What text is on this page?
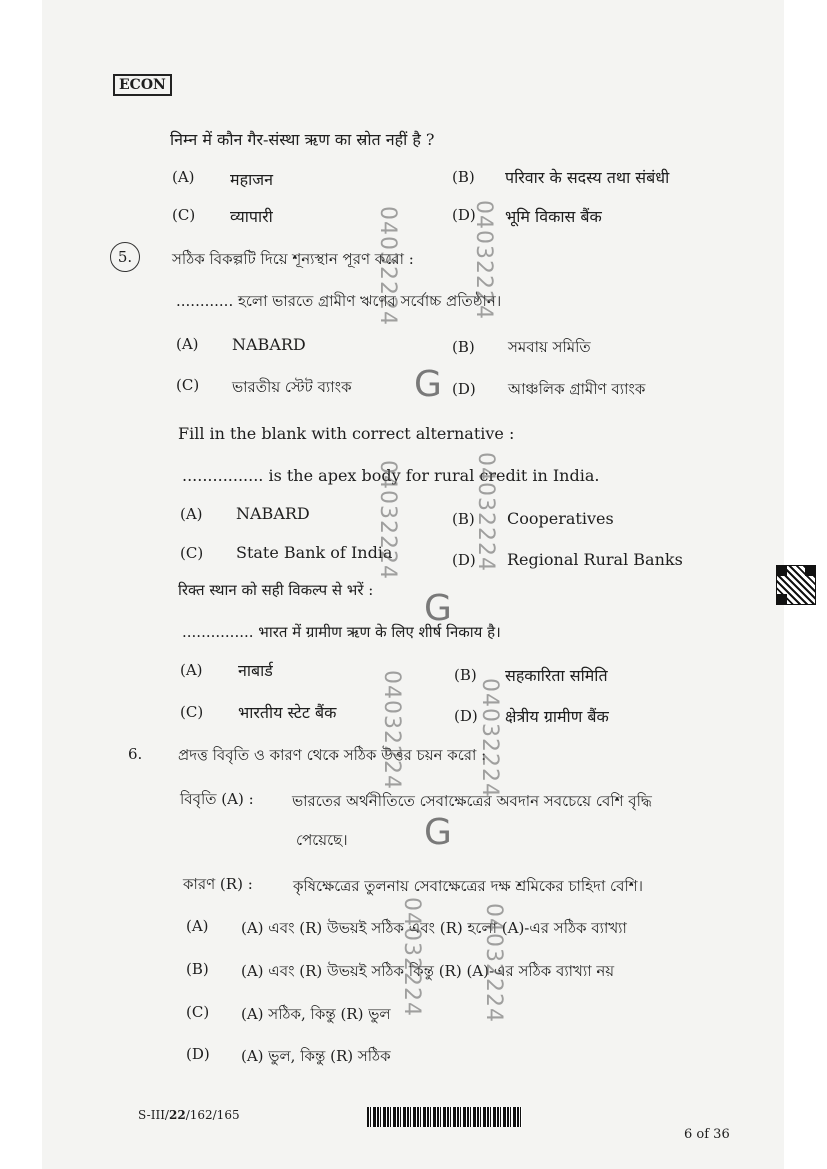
ECON
निम्न में कौन गैर-संस्था ऋण का स्रोत नहीं है ?
(A) महाजन	(B) परिवार के सदस्य तथा संबंधी
(C) व्यापारी	(D) भूमि विकास बैंक
5.	সঠিক বিকল্পটি দিয়ে শূন্যস্থান পূরণ করো :
............ হলো ভারতে গ্রামীণ ঋণের সর্বোচ্চ প্রতিষ্ঠান।
(A) NABARD	(B) সমবায় সমিতি
(C) ভারতীয় স্টেট ব্যাংক	(D) আঞ্চলিক গ্রামীণ ব্যাংক
Fill in the blank with correct alternative :
................ is the apex body for rural credit in India.
(A) NABARD	(B) Cooperatives
(C) State Bank of India	(D) Regional Rural Banks
रिक्त स्थान को सही विकल्प से भरें :
............... भारत में ग्रामीण ऋण के लिए शीर्ष निकाय है।
(A) नाबार्ड	(B) सहकारिता समिति
(C) भारतीय स्टेट बैंक	(D) क्षेत्रीय ग्रामीण बैंक
6. প্রদত্ত বিবৃতি ও কারণ থেকে সঠিক উত্তর চয়ন করো :
বিবৃতি (A) :	ভারতের অর্থনীতিতে সেবাক্ষেত্রের অবদান সবচেয়ে বেশি বৃদ্ধি
পেয়েছে।
কারণ (R) :	কৃষিক্ষেত্রের তুলনায় সেবাক্ষেত্রের দক্ষ শ্রমিকের চাহিদা বেশি।
(A) (A) এবং (R) উভয়ই সঠিক এবং (R) হলো (A)-এর সঠিক ব্যাখ্যা
(B) (A) এবং (R) উভয়ই সঠিক কিন্তু (R) (A)-এর সঠিক ব্যাখ্যা নয়
(C) (A) সঠিক, কিন্তু (R) ভুল
(D) (A) ভুল, কিন্তু (R) সঠিক
04032224	04032224
G
04032224	04032224
G
04032224	04032224
G
04032224	04032224
S-III/22/162/165
6 of 36
